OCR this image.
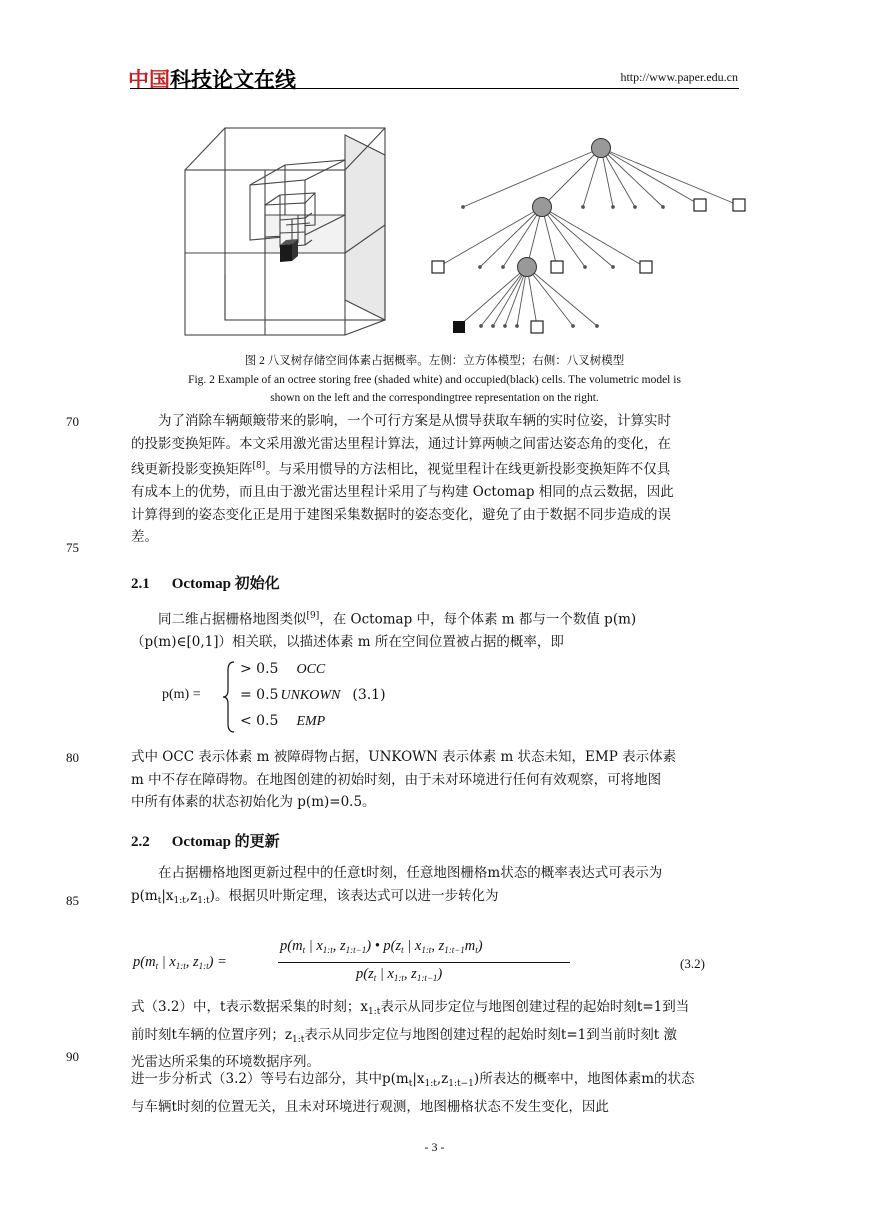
中国科技论文在线	http://www.paper.edu.cn
图 2 八叉树存储空间体素占据概率。左侧：立方体模型；右侧：八叉树模型
Fig. 2 Example of an octree storing free (shaded white) and occupied(black) cells. The volumetric model is
shown on the left and the correspondingtree representation on the right.
70
75
80
85
90

为了消除车辆颠簸带来的影响，一个可行方案是从惯导获取车辆的实时位姿，计算实时

的投影变换矩阵。本文采用激光雷达里程计算法，通过计算两帧之间雷达姿态角的变化，在

线更新投影变换矩阵[8]。与采用惯导的方法相比，视觉里程计在线更新投影变换矩阵不仅具

有成本上的优势，而且由于激光雷达里程计采用了与构建 Octomap 相同的点云数据，因此

计算得到的姿态变化正是用于建图采集数据时的姿态变化，避免了由于数据不同步造成的误

差。

2.1 Octomap 初始化

同二维占据栅格地图类似[9]，在 Octomap 中，每个体素 m 都与一个数值 p(m)

（p(m)∈[0,1]）相关联，以描述体素 m 所在空间位置被占据的概率，即

p(m) =
> 0.5 OCC
= 0.5 UNKOWN (3.1)
< 0.5 EMP

式中 OCC 表示体素 m 被障碍物占据，UNKOWN 表示体素 m 状态未知，EMP 表示体素

m 中不存在障碍物。在地图创建的初始时刻，由于未对环境进行任何有效观察，可将地图

中所有体素的状态初始化为 p(m)=0.5。

2.2 Octomap 的更新

在占据栅格地图更新过程中的任意t时刻，任意地图栅格m状态的概率表达式可表示为

$p(m_t|x_{1:t},z_{1:t})$。根据贝叶斯定理，该表达式可以进一步转化为

$p(m_t$ | $x_{1:t}$, $z_{1:t}$) =
$p(m_t$ | $x_{1:t}$, $z_{1:t-1}$) • $p(z_t$ | $x_{1:t}$, $z_{1:t-1}m_t$)
$p(z_t$ | $x_{1:t}$, $z_{1:t-1}$)
(3.2)

式（3.2）中，t表示数据采集的时刻；$x_{1:t}$表示从同步定位与地图创建过程的起始时刻t=1到当

前时刻t车辆的位置序列；$z_{1:t}$表示从同步定位与地图创建过程的起始时刻t=1到当前时刻t 激

光雷达所采集的环境数据序列。

进一步分析式（3.2）等号右边部分，其中$p(m_t|x_{1:t},z_{1:t-1})$所表达的概率中，地图体素m的状态

与车辆t时刻的位置无关，且未对环境进行观测，地图栅格状态不发生变化，因此

- 3 -
